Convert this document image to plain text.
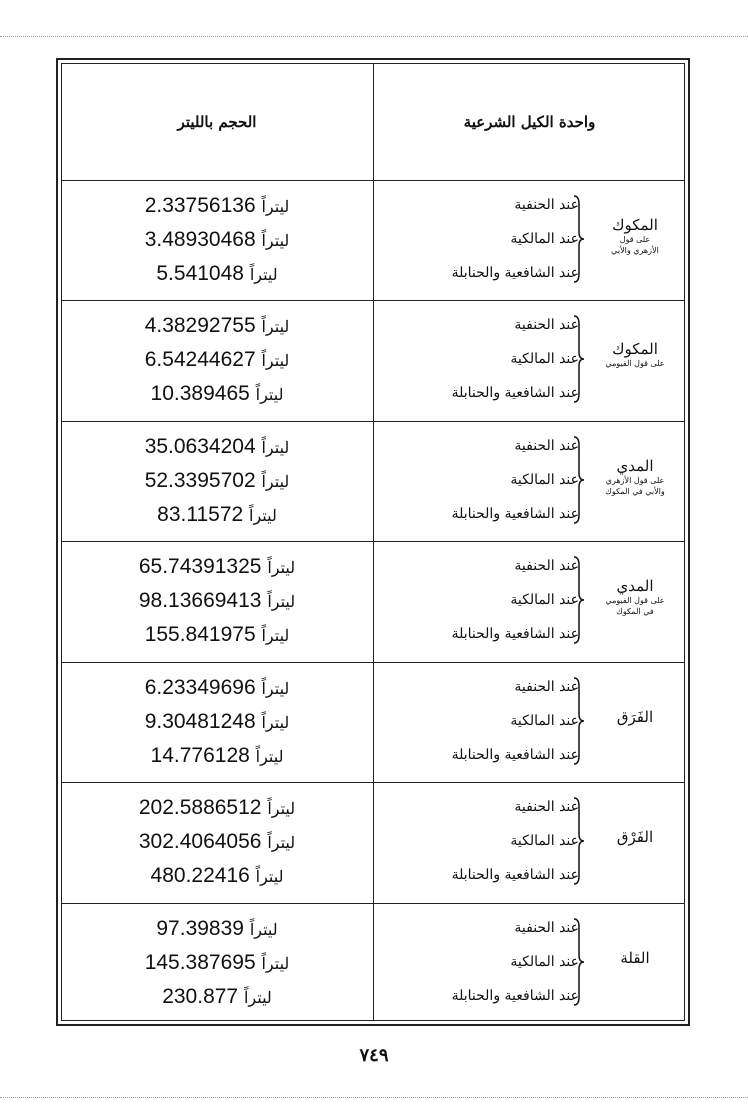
الحجم بالليتر	واحدة الكيل الشرعية
2.33756136 ليتراً
3.48930468 ليتراً
5.541048 ليتراً
عند الحنفية
عند المالكية
عند الشافعية والحنابلة
المكوك
على قول
الأزهري والأبي
4.38292755 ليتراً
6.54244627 ليتراً
10.389465 ليتراً
عند الحنفية
عند المالكية
عند الشافعية والحنابلة
المكوك
على قول الفيومي
35.0634204 ليتراً
52.3395702 ليتراً
83.11572 ليتراً
عند الحنفية
عند المالكية
عند الشافعية والحنابلة
المدي
على قول الأزهري
والأبي في المكوك
65.74391325 ليتراً
98.13669413 ليتراً
155.841975 ليتراً
عند الحنفية
عند المالكية
عند الشافعية والحنابلة
المدي
على قول الفيومي
في المكوك
6.23349696 ليتراً
9.30481248 ليتراً
14.776128 ليتراً
عند الحنفية
عند المالكية
عند الشافعية والحنابلة
الفَرَق
202.5886512 ليتراً
302.4064056 ليتراً
480.22416 ليتراً
عند الحنفية
عند المالكية
عند الشافعية والحنابلة
الفَرْق
97.39839 ليتراً
145.387695 ليتراً
230.877 ليتراً
عند الحنفية
عند المالكية
عند الشافعية والحنابلة
القلة
٧٤٩
